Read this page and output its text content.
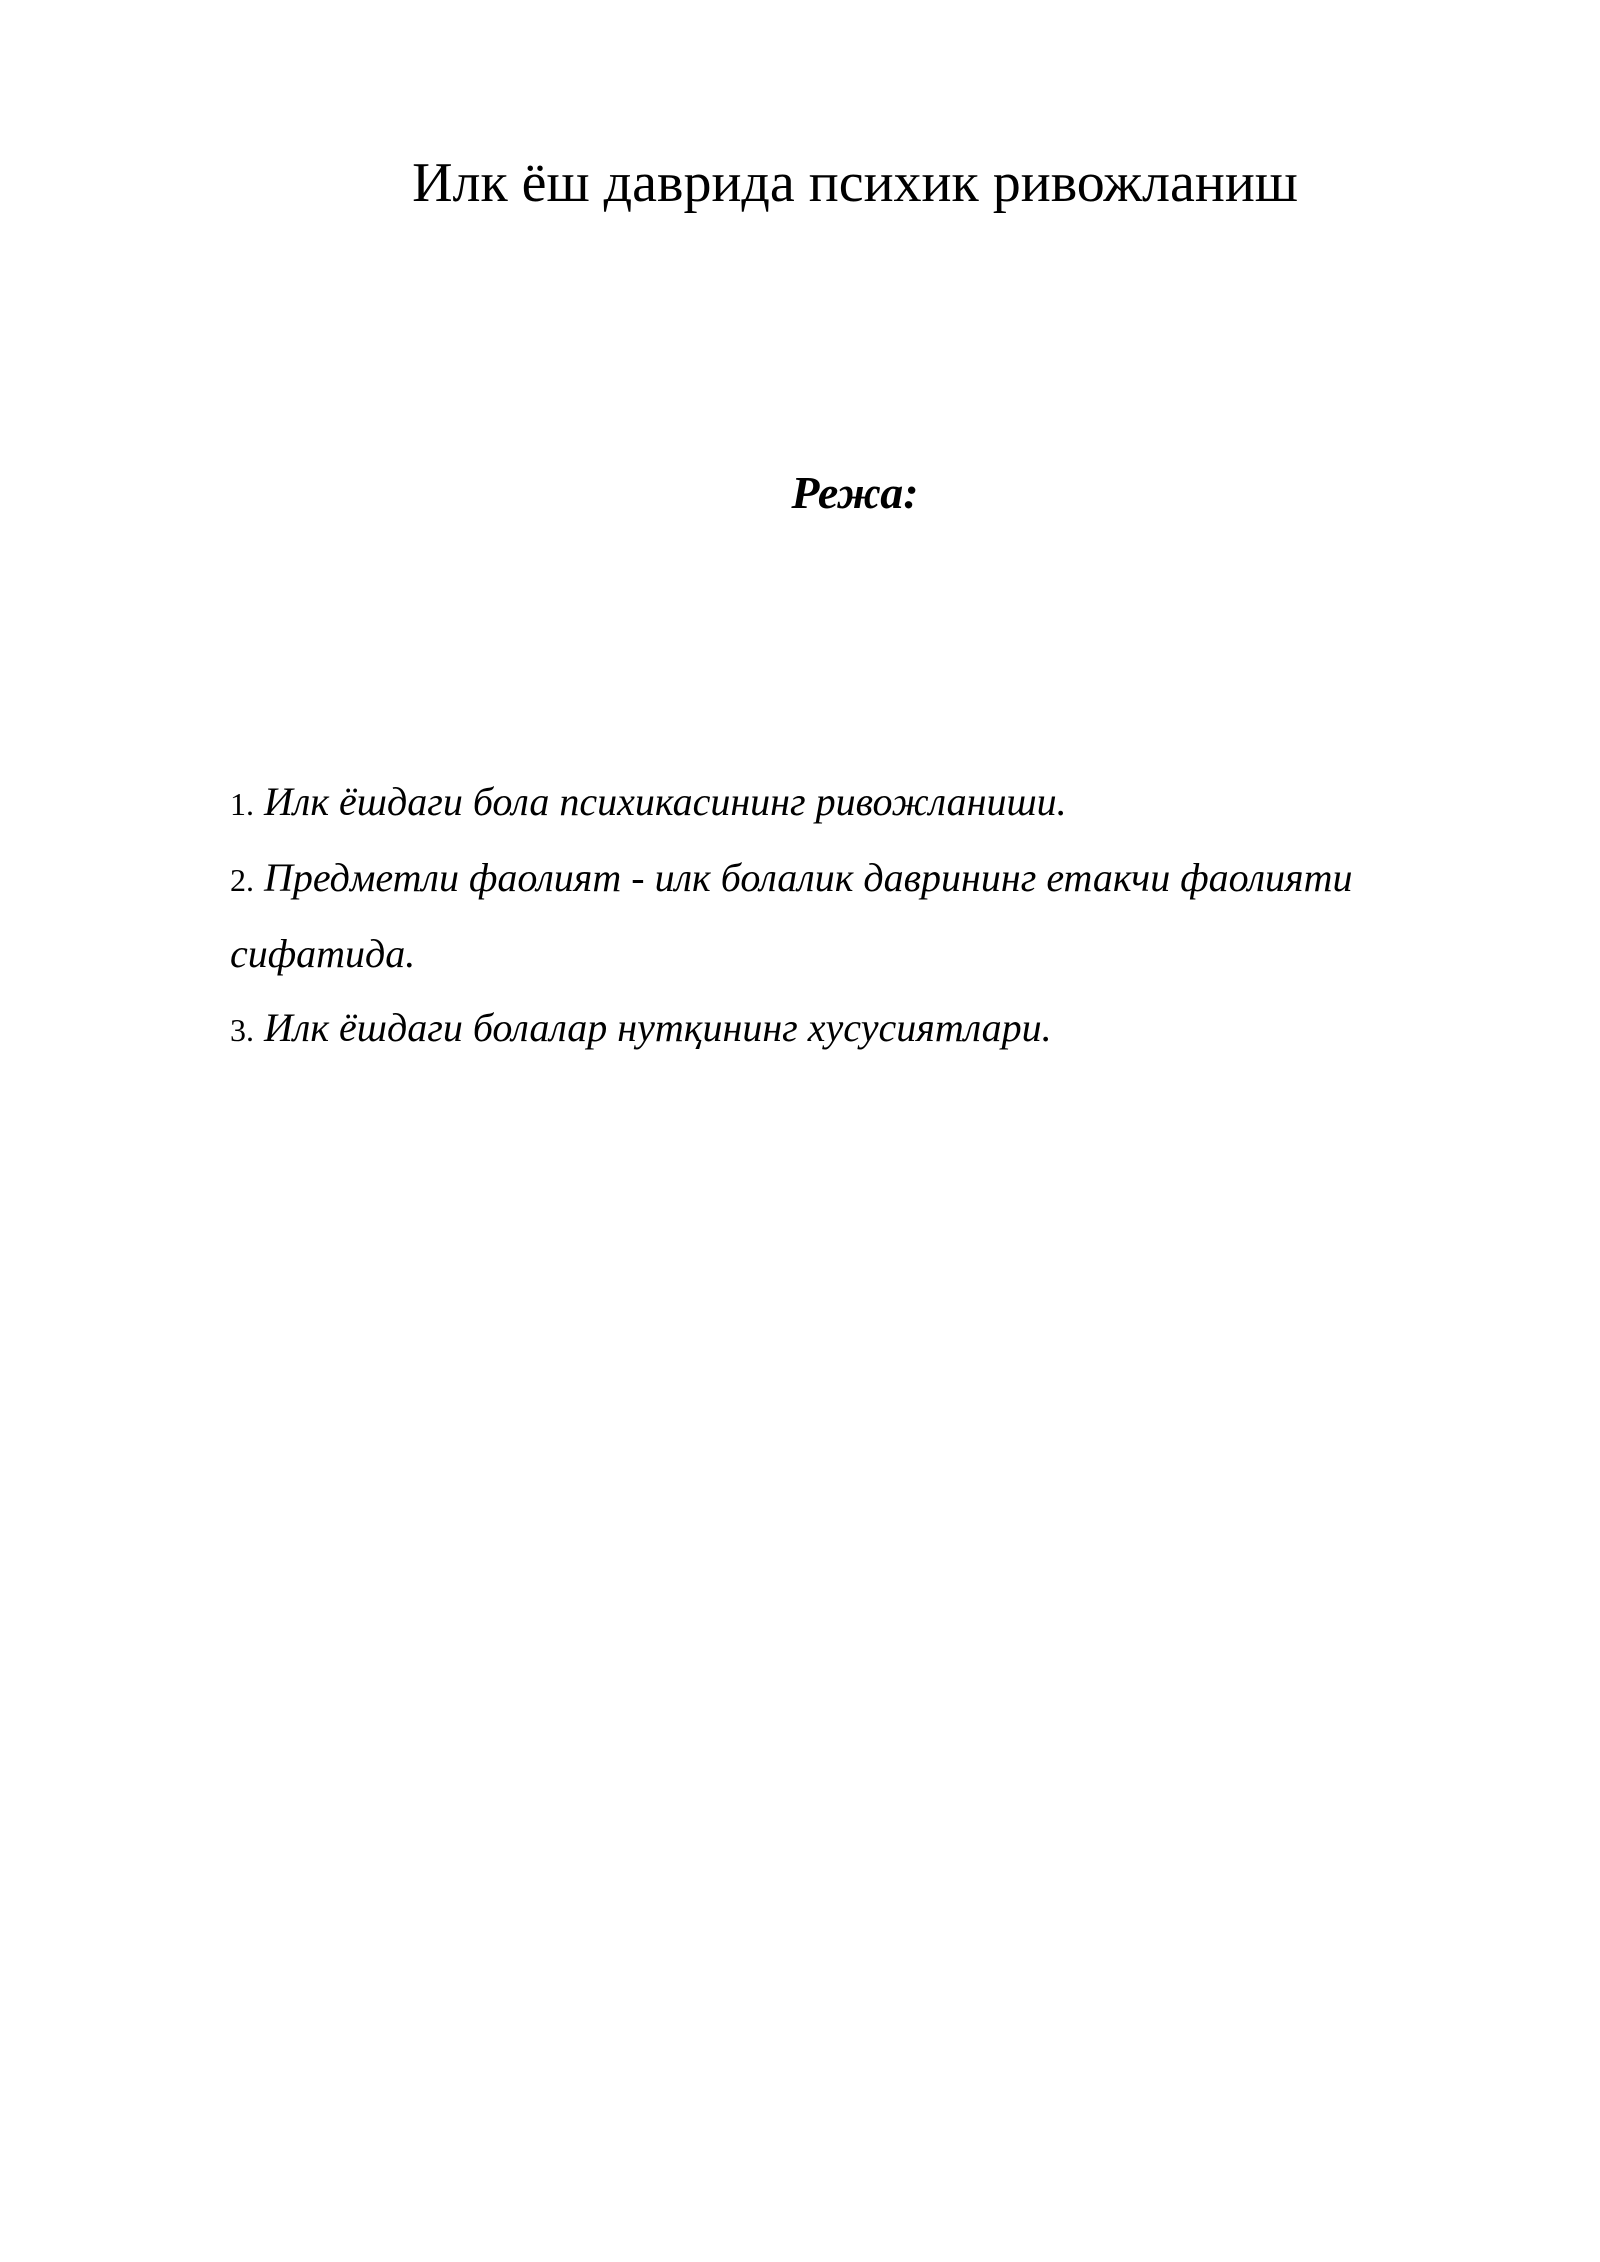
Илк ёш даврида психик ривожланиш
Режа:
1. Илк ёшдаги бола психикасининг ривожланиши.
2. Предметли фаолият - илк болалик даврининг етакчи фаолияти сифатида.
3. Илк ёшдаги болалар нутқининг хусусиятлари.
